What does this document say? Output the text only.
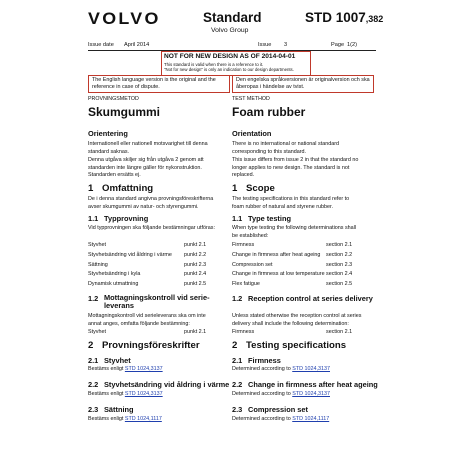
VOLVO	Standard
Volvo Group
STD 1007,382
Issue date April 2014	Issue 3	Page 1(2)
NOT FOR NEW DESIGN AS OF 2014-04-01
This standard is valid when there is a reference to it.
"Not for new design" is only an indication to our design departments.
The English language version is the original and the reference in case of dispute.
Den engelska språkversionen är originalversion och ska åberopas i händelse av tvist.
PROVNINGSMETOD
Skumgummi
Orientering
Internationell eller nationell motsvarighet till denna
standard saknas.
Denna utgåva skiljer sig från utgåva 2 genom att
standarden inte längre gäller för nykonstruktion.
Standarden ersätts ej.
1 Omfattning
De i denna standard angivna provningsföreskrifterna
avser skumgummi av natur- och styrengummi.
1.1 Typprovning
Vid typprovningen ska följande bestämningar utföras:
Styvhet	punkt 2.1
Styvhetsändring vid åldring i värme punkt 2.2
Sättning	punkt 2.3
Styvhetsändring i kyla	punkt 2.4
Dynamisk utmattning	punkt 2.5
1.2 Mottagningskontroll vid serie-
leverans
Mottagningskontroll vid serieleverans ska om inte
annat anges, omfatta följande bestämning:
Styvhet	punkt 2.1
2 Provningsföreskrifter
2.1 Styvhet
Bestäms enligt STD 1024,3137
2.2 Styvhetsändring vid åldring i värme
Bestäms enligt STD 1024,3137
2.3 Sättning
Bestäms enligt STD 1024,1117
TEST METHOD
Foam rubber
Orientation
There is no international or national standard
corresponding to this standard.
This issue differs from issue 2 in that the standard no
longer applies to new design. The standard is not
replaced.
1 Scope
The testing specifications in this standard refer to
foam rubber of natural and styrene rubber.
1.1 Type testing
When type testing the following determinations shall
be established:
Firmness	section 2.1
Change in firmness after heat ageing section 2.2
Compression set	section 2.3
Change in firmness at low temperature section 2.4
Flex fatigue	section 2.5
1.2 Reception control at series delivery
Unless stated otherwise the reception control at series
delivery shall include the following determination:
Firmness	section 2.1
2 Testing specifications
2.1 Firmness
Determined according to STD 1024,3137
2.2 Change in firmness after heat ageing
Determined according to STD 1024,3137
2.3 Compression set
Determined according to STD 1024,1117
